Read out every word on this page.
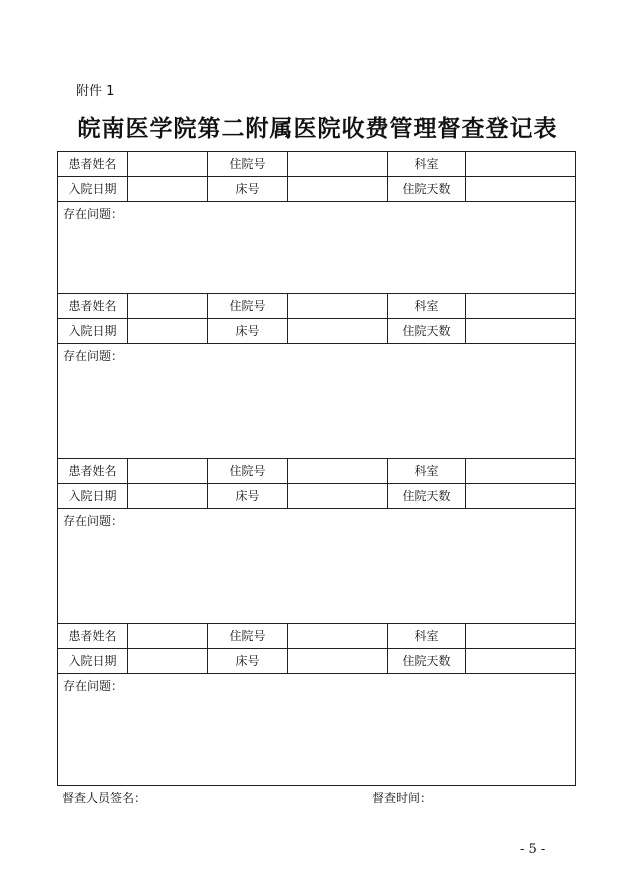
附件 1
皖南医学院第二附属医院收费管理督查登记表
患者姓名	住院号	科室
入院日期	床号	住院天数
存在问题：
患者姓名	住院号	科室
入院日期	床号	住院天数
存在问题：
患者姓名	住院号	科室
入院日期	床号	住院天数
存在问题：
患者姓名	住院号	科室
入院日期	床号	住院天数
存在问题：
督查人员签名：	督查时间：
- 5 -
